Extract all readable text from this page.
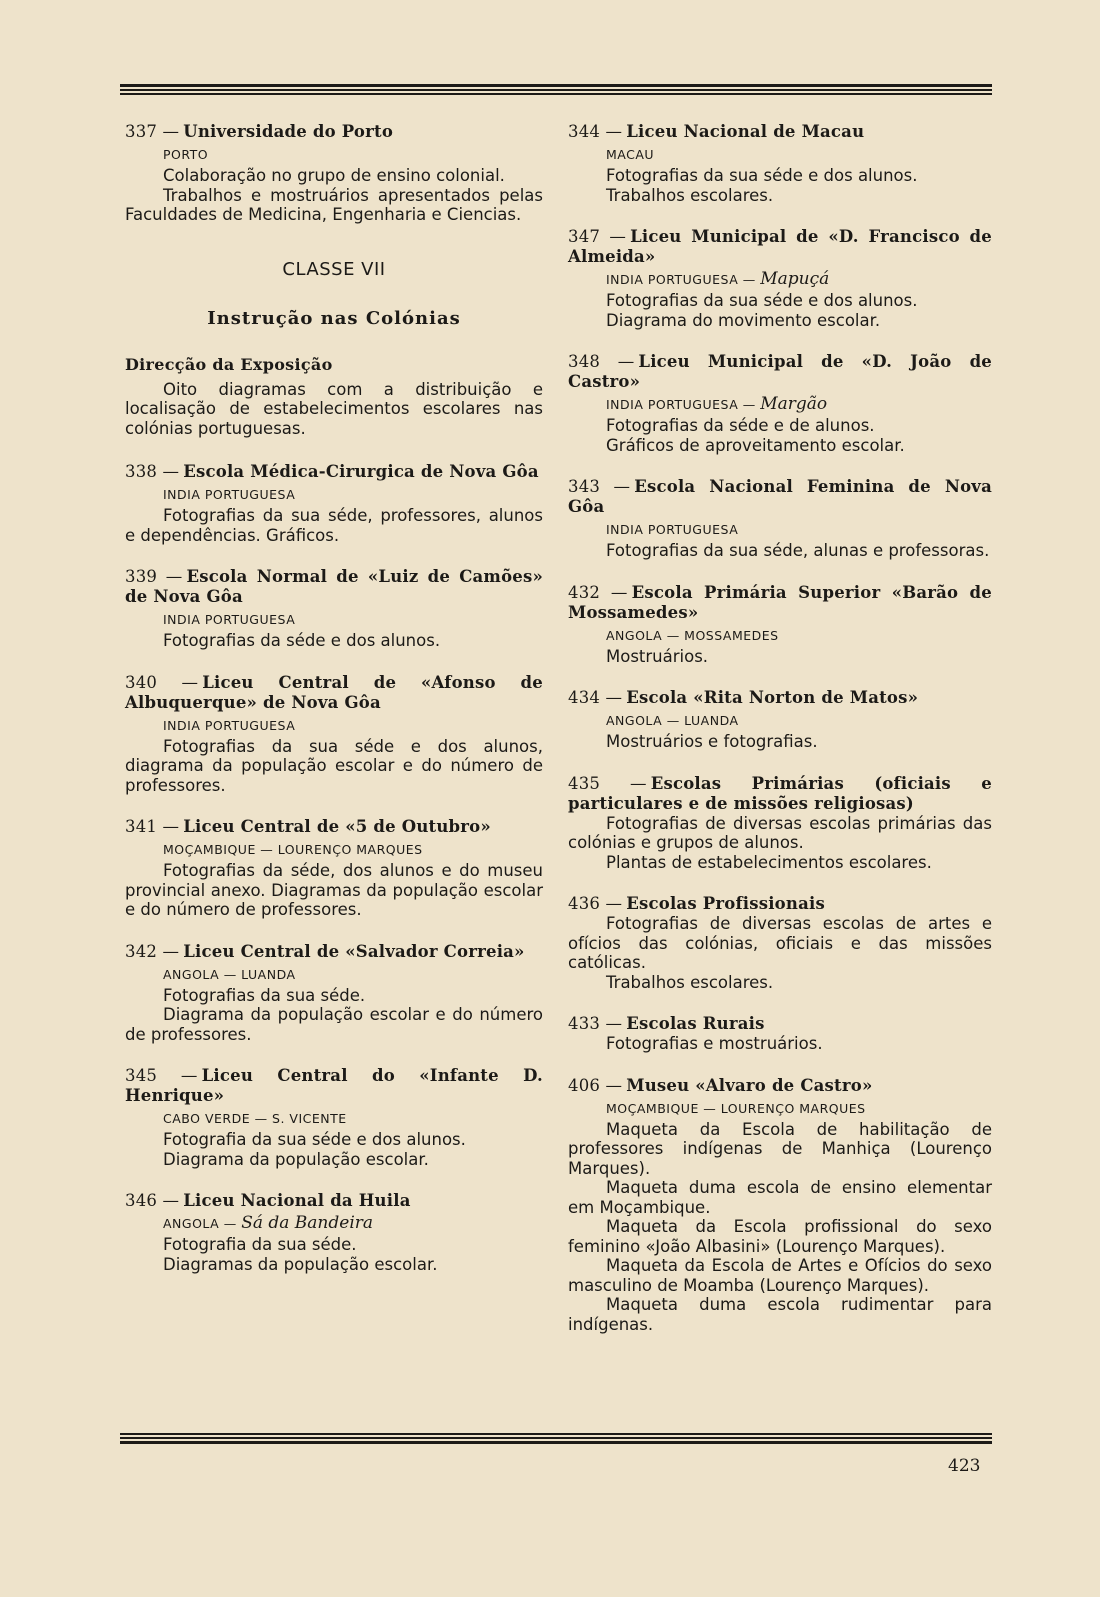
337 — Universidade do Porto
PORTO
Colaboração no grupo de ensino colonial.
Trabalhos e mostruários apresentados pelas Faculdades de Medicina, Engenharia e Ciencias.
CLASSE VII
Instrução nas Colónias
Direcção da Exposição
Oito diagramas com a distribuição e localisação de estabelecimentos escolares nas colónias portuguesas.
338 — Escola Médica-Cirurgica de Nova Gôa
INDIA PORTUGUESA
Fotografias da sua séde, professores, alunos e dependências. Gráficos.
339 — Escola Normal de «Luiz de Camões» de Nova Gôa
INDIA PORTUGUESA
Fotografias da séde e dos alunos.
340 — Liceu Central de «Afonso de Albuquerque» de Nova Gôa
INDIA PORTUGUESA
Fotografias da sua séde e dos alunos, diagrama da população escolar e do número de professores.
341 — Liceu Central de «5 de Outubro»
MOÇAMBIQUE — LOURENÇO MARQUES
Fotografias da séde, dos alunos e do museu provincial anexo. Diagramas da população escolar e do número de professores.
342 — Liceu Central de «Salvador Correia»
ANGOLA — LUANDA
Fotografias da sua séde.
Diagrama da população escolar e do número de professores.
345 — Liceu Central do «Infante D. Henrique»
CABO VERDE — S. VICENTE
Fotografia da sua séde e dos alunos.
Diagrama da população escolar.
346 — Liceu Nacional da Huila
ANGOLA — Sá da Bandeira
Fotografia da sua séde.
Diagramas da população escolar.
344 — Liceu Nacional de Macau
MACAU
Fotografias da sua séde e dos alunos.
Trabalhos escolares.
347 — Liceu Municipal de «D. Francisco de Almeida»
INDIA PORTUGUESA — Mapuçá
Fotografias da sua séde e dos alunos.
Diagrama do movimento escolar.
348 — Liceu Municipal de «D. João de Castro»
INDIA PORTUGUESA — Margão
Fotografias da séde e de alunos.
Gráficos de aproveitamento escolar.
343 — Escola Nacional Feminina de Nova Gôa
INDIA PORTUGUESA
Fotografias da sua séde, alunas e professoras.
432 — Escola Primária Superior «Barão de Mossamedes»
ANGOLA — MOSSAMEDES
Mostruários.
434 — Escola «Rita Norton de Matos»
ANGOLA — LUANDA
Mostruários e fotografias.
435 — Escolas Primárias (oficiais e particulares e de missões religiosas)
Fotografias de diversas escolas primárias das colónias e grupos de alunos.
Plantas de estabelecimentos escolares.
436 — Escolas Profissionais
Fotografias de diversas escolas de artes e ofícios das colónias, oficiais e das missões católicas.
Trabalhos escolares.
433 — Escolas Rurais
Fotografias e mostruários.
406 — Museu «Alvaro de Castro»
MOÇAMBIQUE — LOURENÇO MARQUES
Maqueta da Escola de habilitação de professores indígenas de Manhiça (Lourenço Marques).
Maqueta duma escola de ensino elementar em Moçambique.
Maqueta da Escola profissional do sexo feminino «João Albasini» (Lourenço Marques).
Maqueta da Escola de Artes e Ofícios do sexo masculino de Moamba (Lourenço Marques).
Maqueta duma escola rudimentar para indígenas.
423
